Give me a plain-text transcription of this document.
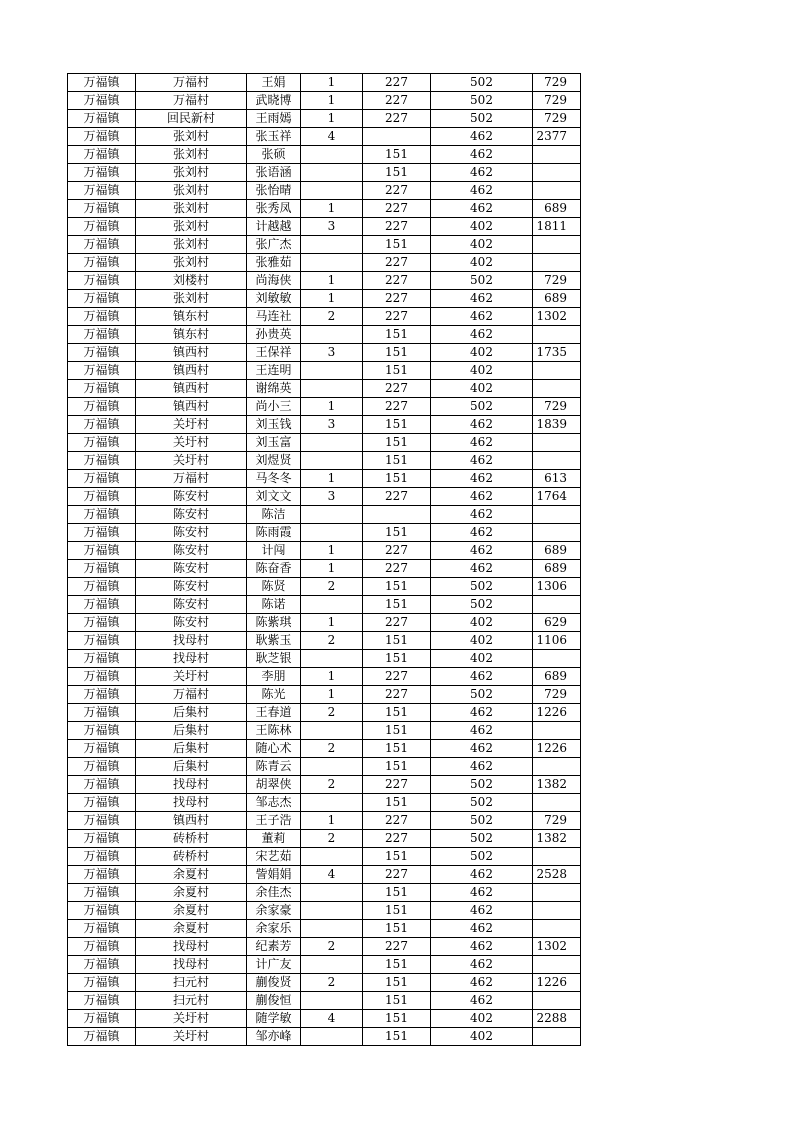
万福镇	万福村	王娟	1	227	502	729
万福镇	万福村	武晓博	1	227	502	729
万福镇	回民新村	王雨嫣	1	227	502	729
万福镇	张刘村	张玉祥	4		462	2377
万福镇	张刘村	张硕		151	462	
万福镇	张刘村	张语涵		151	462	
万福镇	张刘村	张怡晴		227	462	
万福镇	张刘村	张秀凤	1	227	462	689
万福镇	张刘村	计越越	3	227	402	1811
万福镇	张刘村	张广杰		151	402	
万福镇	张刘村	张雅茹		227	402	
万福镇	刘楼村	尚海侠	1	227	502	729
万福镇	张刘村	刘敏敏	1	227	462	689
万福镇	镇东村	马连社	2	227	462	1302
万福镇	镇东村	孙贵英		151	462	
万福镇	镇西村	王保祥	3	151	402	1735
万福镇	镇西村	王连明		151	402	
万福镇	镇西村	谢绵英		227	402	
万福镇	镇西村	尚小三	1	227	502	729
万福镇	关圩村	刘玉钱	3	151	462	1839
万福镇	关圩村	刘玉富		151	462	
万福镇	关圩村	刘煜贤		151	462	
万福镇	万福村	马冬冬	1	151	462	613
万福镇	陈安村	刘文文	3	227	462	1764
万福镇	陈安村	陈洁			462	
万福镇	陈安村	陈雨霞		151	462	
万福镇	陈安村	计闯	1	227	462	689
万福镇	陈安村	陈奋香	1	227	462	689
万福镇	陈安村	陈贤	2	151	502	1306
万福镇	陈安村	陈诺		151	502	
万福镇	陈安村	陈紫琪	1	227	402	629
万福镇	找母村	耿紫玉	2	151	402	1106
万福镇	找母村	耿芝银		151	402	
万福镇	关圩村	李朋	1	227	462	689
万福镇	万福村	陈光	1	227	502	729
万福镇	后集村	王春道	2	151	462	1226
万福镇	后集村	王陈林		151	462	
万福镇	后集村	随心术	2	151	462	1226
万福镇	后集村	陈青云		151	462	
万福镇	找母村	胡翠侠	2	227	502	1382
万福镇	找母村	邹志杰		151	502	
万福镇	镇西村	王子浩	1	227	502	729
万福镇	砖桥村	董莉	2	227	502	1382
万福镇	砖桥村	宋艺茹		151	502	
万福镇	余夏村	訾娟娟	4	227	462	2528
万福镇	余夏村	余佳杰		151	462	
万福镇	余夏村	余家豪		151	462	
万福镇	余夏村	余家乐		151	462	
万福镇	找母村	纪素芳	2	227	462	1302
万福镇	找母村	计广友		151	462	
万福镇	扫元村	蒯俊贤	2	151	462	1226
万福镇	扫元村	蒯俊恒		151	462	
万福镇	关圩村	随学敏	4	151	402	2288
万福镇	关圩村	邹亦峰		151	402	
